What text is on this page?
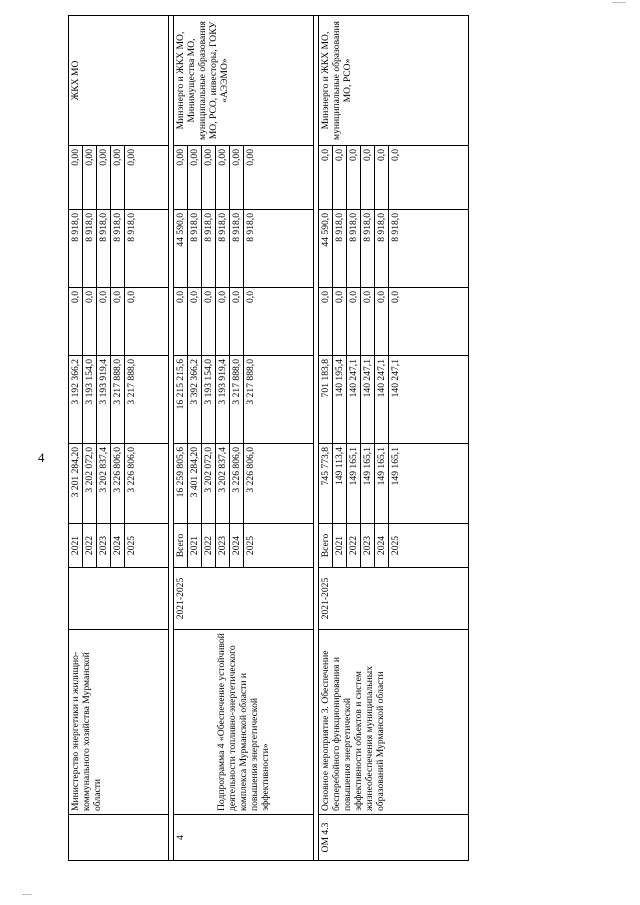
4
	Министерство энергетики и жилищно-коммунального хозяйства Мурманской области		2021	3 201 284,20	3 192 366,2	0,0	8 918,0	0,00	ЖКХ МО
			2022	3 202 072,0	3 193 154,0	0,0	8 918,0	0,00	
			2023	3 202 837,4	3 193 919,4	0,0	8 918,0	0,00	
			2024	3 226 806,0	3 217 888,0	0,0	8 918,0	0,00	
			2025	3 226 806,0	3 217 888,0	0,0	8 918,0	0,00	

4	Подпрограмма 4 «Обеспечение устойчивой деятельности топливно-энергетического комплекса Мурманской области и повышения энергетической эффективности»	2021-2025	Всего	16 259 805,6	16 215 215,6	0,0	44 590,0	0,00	Минэнерго и ЖКХ МО, Минимущества МО, муниципальные образования МО, РСО, инвесторы, ГОКУ «АЭЭМО»
			2021	3 401 284,20	3 392 366,2	0,0	8 918,0	0,00	
			2022	3 202 072,0	3 193 154,0	0,0	8 918,0	0,00	
			2023	3 202 837,4	3 193 919,4	0,0	8 918,0	0,00	
			2024	3 226 806,0	3 217 888,0	0,0	8 918,0	0,00	
			2025	3 226 806,0	3 217 888,0	0,0	8 918,0	0,00	

ОМ 4.3	Основное мероприятие 3. Обеспечение бесперебойного функционирования и повышения энергетической эффективности объектов и систем жизнеобеспечения муниципальных образований Мурманской области	2021-2025	Всего	745 773,8	701 183,8	0,0	44 590,0	0,0	Минэнерго и ЖКХ МО, муниципальные образования МО, РСО»
			2021	149 113,4	140 195,4	0,0	8 918,0	0,0	
			2022	149 165,1	140 247,1	0,0	8 918,0	0,0	
			2023	149 165,1	140 247,1	0,0	8 918,0	0,0	
			2024	149 165,1	140 247,1	0,0	8 918,0	0,0	
			2025	149 165,1	140 247,1	0,0	8 918,0	0,0	
